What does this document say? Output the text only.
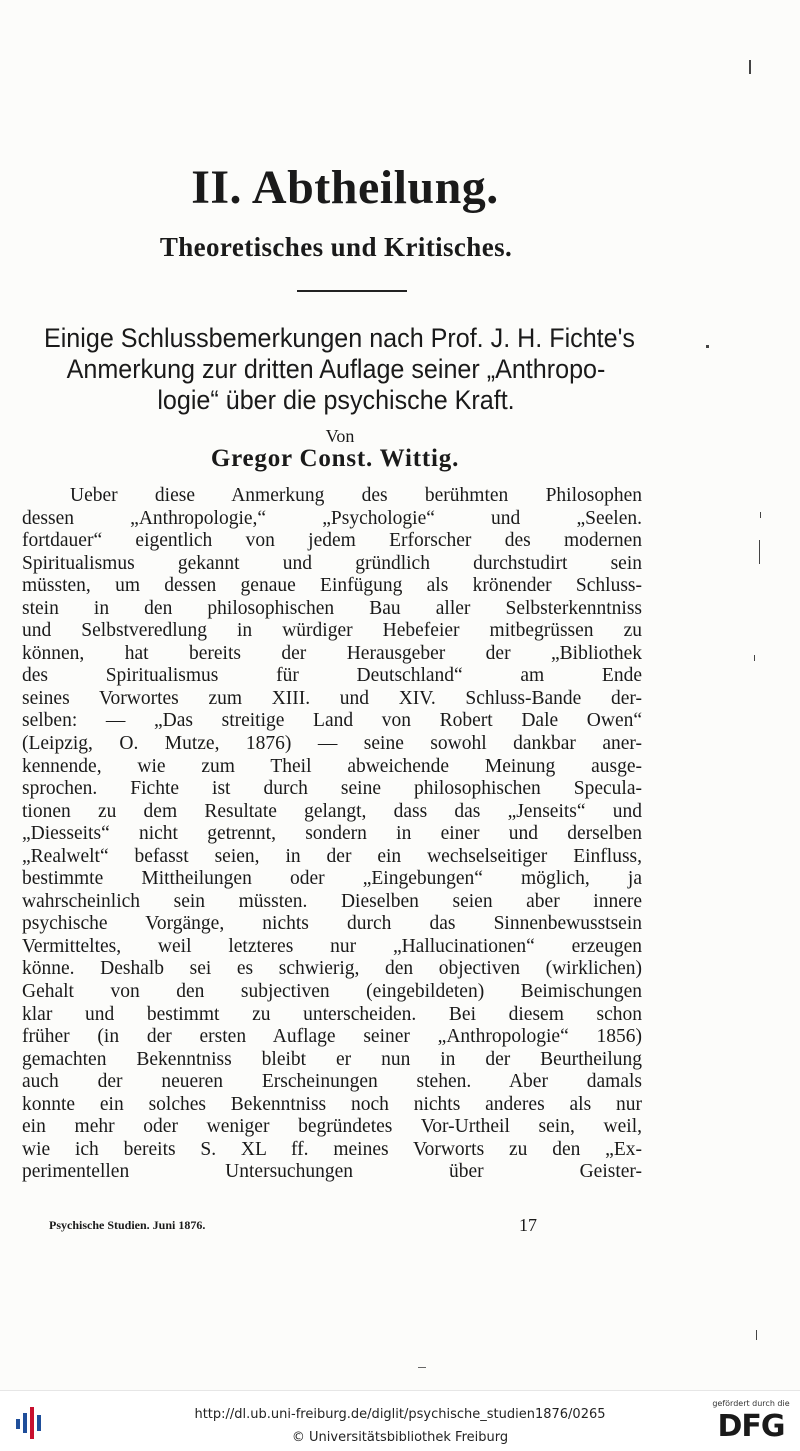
II. Abtheilung.
Theoretisches und Kritisches.
Einige Schlussbemerkungen nach Prof. J. H. Fichte's
Anmerkung zur dritten Auflage seiner „Anthropo-
logie“ über die psychische Kraft.
Von
Gregor Const. Wittig.
Ueber diese Anmerkung des berühmten Philosophen
dessen „Anthropologie,“ „Psychologie“ und „Seelen.
fortdauer“ eigentlich von jedem Erforscher des modernen
Spiritualismus gekannt und gründlich durchstudirt sein
müssten, um dessen genaue Einfügung als krönender Schluss-
stein in den philosophischen Bau aller Selbsterkenntniss
und Selbstveredlung in würdiger Hebefeier mitbegrüssen zu
können, hat bereits der Herausgeber der „Bibliothek
des Spiritualismus für Deutschland“ am Ende
seines Vorwortes zum XIII. und XIV. Schluss-Bande der-
selben: — „Das streitige Land von Robert Dale Owen“
(Leipzig, O. Mutze, 1876) — seine sowohl dankbar aner-
kennende, wie zum Theil abweichende Meinung ausge-
sprochen. Fichte ist durch seine philosophischen Specula-
tionen zu dem Resultate gelangt, dass das „Jenseits“ und
„Diesseits“ nicht getrennt, sondern in einer und derselben
„Realwelt“ befasst seien, in der ein wechselseitiger Einfluss,
bestimmte Mittheilungen oder „Eingebungen“ möglich, ja
wahrscheinlich sein müssten. Dieselben seien aber innere
psychische Vorgänge, nichts durch das Sinnenbewusstsein
Vermitteltes, weil letzteres nur „Hallucinationen“ erzeugen
könne. Deshalb sei es schwierig, den objectiven (wirklichen)
Gehalt von den subjectiven (eingebildeten) Beimischungen
klar und bestimmt zu unterscheiden. Bei diesem schon
früher (in der ersten Auflage seiner „Anthropologie“ 1856)
gemachten Bekenntniss bleibt er nun in der Beurtheilung
auch der neueren Erscheinungen stehen. Aber damals
konnte ein solches Bekenntniss noch nichts anderes als nur
ein mehr oder weniger begründetes Vor-Urtheil sein, weil,
wie ich bereits S. XL ff. meines Vorworts zu den „Ex-
perimentellen Untersuchungen über Geister-
Psychische Studien. Juni 1876.	17
http://dl.ub.uni-freiburg.de/diglit/psychische_studien1876/0265
© Universitätsbibliothek Freiburg
gefördert durch die
DFG
